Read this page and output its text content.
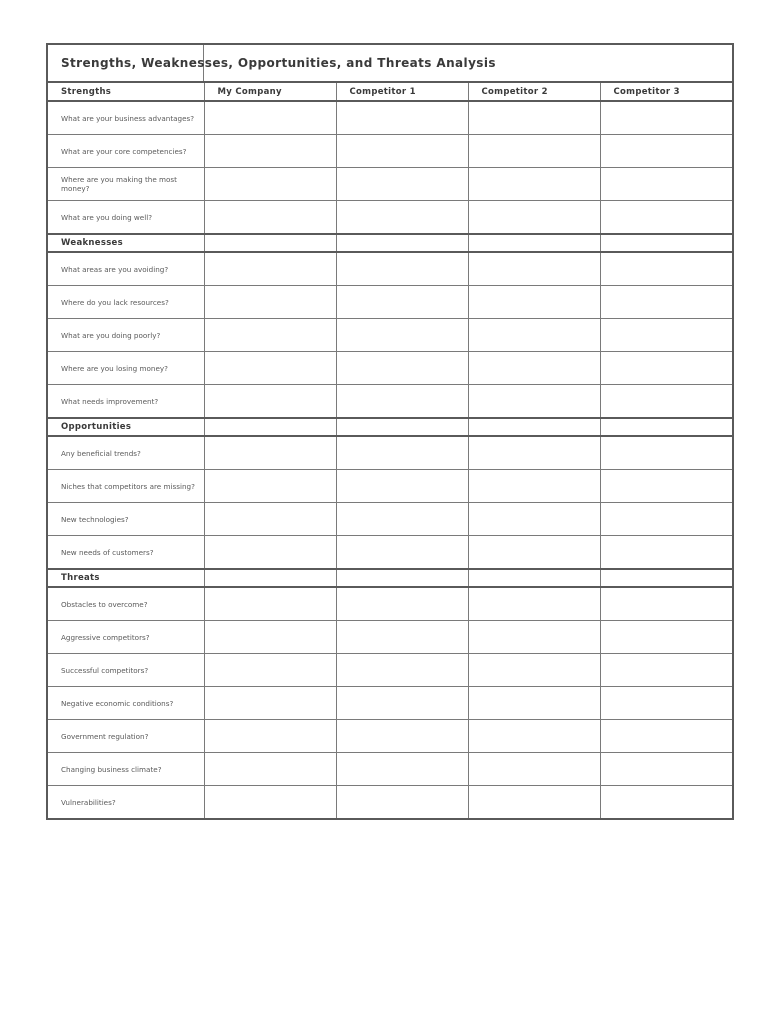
Strengths, Weaknesses, Opportunities, and Threats Analysis				
Strengths	My Company	Competitor 1	Competitor 2	Competitor 3
What are your business advantages?				
What are your core competencies?				
Where are you making the most money?				
What are you doing well?				
Weaknesses				
What areas are you avoiding?				
Where do you lack resources?				
What are you doing poorly?				
Where are you losing money?				
What needs improvement?				
Opportunities				
Any beneficial trends?				
Niches that competitors are missing?				
New technologies?				
New needs of customers?				
Threats				
Obstacles to overcome?				
Aggressive competitors?				
Successful competitors?				
Negative economic conditions?				
Government regulation?				
Changing business climate?				
Vulnerabilities?				
